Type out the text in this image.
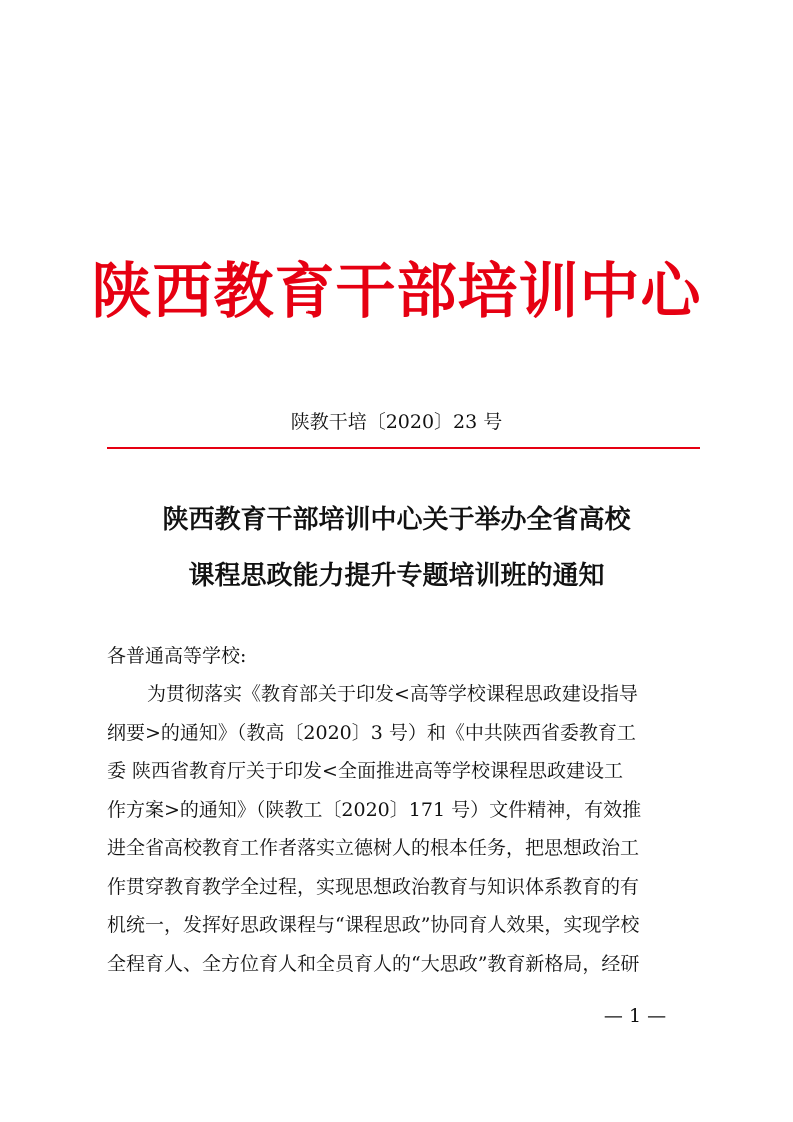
陕西教育干部培训中心
陕教干培〔2020〕23 号
陕西教育干部培训中心关于举办全省高校
课程思政能力提升专题培训班的通知
各普通高等学校:
为贯彻落实《教育部关于印发<高等学校课程思政建设指导
纲要>的通知》（教高〔2020〕3 号）和《中共陕西省委教育工
委 陕西省教育厅关于印发<全面推进高等学校课程思政建设工
作方案>的通知》（陕教工〔2020〕171 号）文件精神，有效推
进全省高校教育工作者落实立德树人的根本任务，把思想政治工
作贯穿教育教学全过程，实现思想政治教育与知识体系教育的有
机统一，发挥好思政课程与“课程思政”协同育人效果，实现学校
全程育人、全方位育人和全员育人的“大思政”教育新格局，经研
— 1 —
